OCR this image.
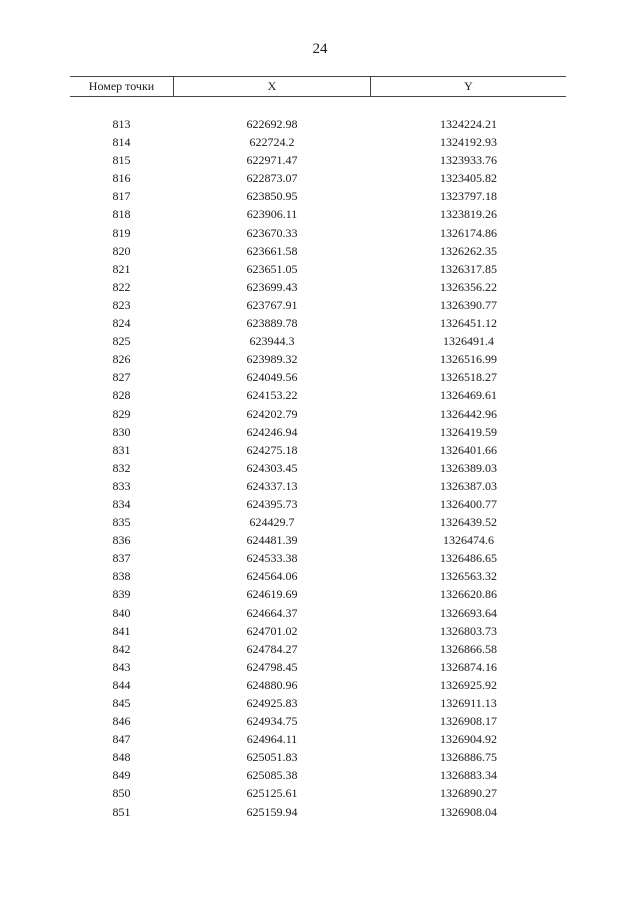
24
Номер точки	X	Y
813	622692.98	1324224.21
814	622724.2	1324192.93
815	622971.47	1323933.76
816	622873.07	1323405.82
817	623850.95	1323797.18
818	623906.11	1323819.26
819	623670.33	1326174.86
820	623661.58	1326262.35
821	623651.05	1326317.85
822	623699.43	1326356.22
823	623767.91	1326390.77
824	623889.78	1326451.12
825	623944.3	1326491.4
826	623989.32	1326516.99
827	624049.56	1326518.27
828	624153.22	1326469.61
829	624202.79	1326442.96
830	624246.94	1326419.59
831	624275.18	1326401.66
832	624303.45	1326389.03
833	624337.13	1326387.03
834	624395.73	1326400.77
835	624429.7	1326439.52
836	624481.39	1326474.6
837	624533.38	1326486.65
838	624564.06	1326563.32
839	624619.69	1326620.86
840	624664.37	1326693.64
841	624701.02	1326803.73
842	624784.27	1326866.58
843	624798.45	1326874.16
844	624880.96	1326925.92
845	624925.83	1326911.13
846	624934.75	1326908.17
847	624964.11	1326904.92
848	625051.83	1326886.75
849	625085.38	1326883.34
850	625125.61	1326890.27
851	625159.94	1326908.04
